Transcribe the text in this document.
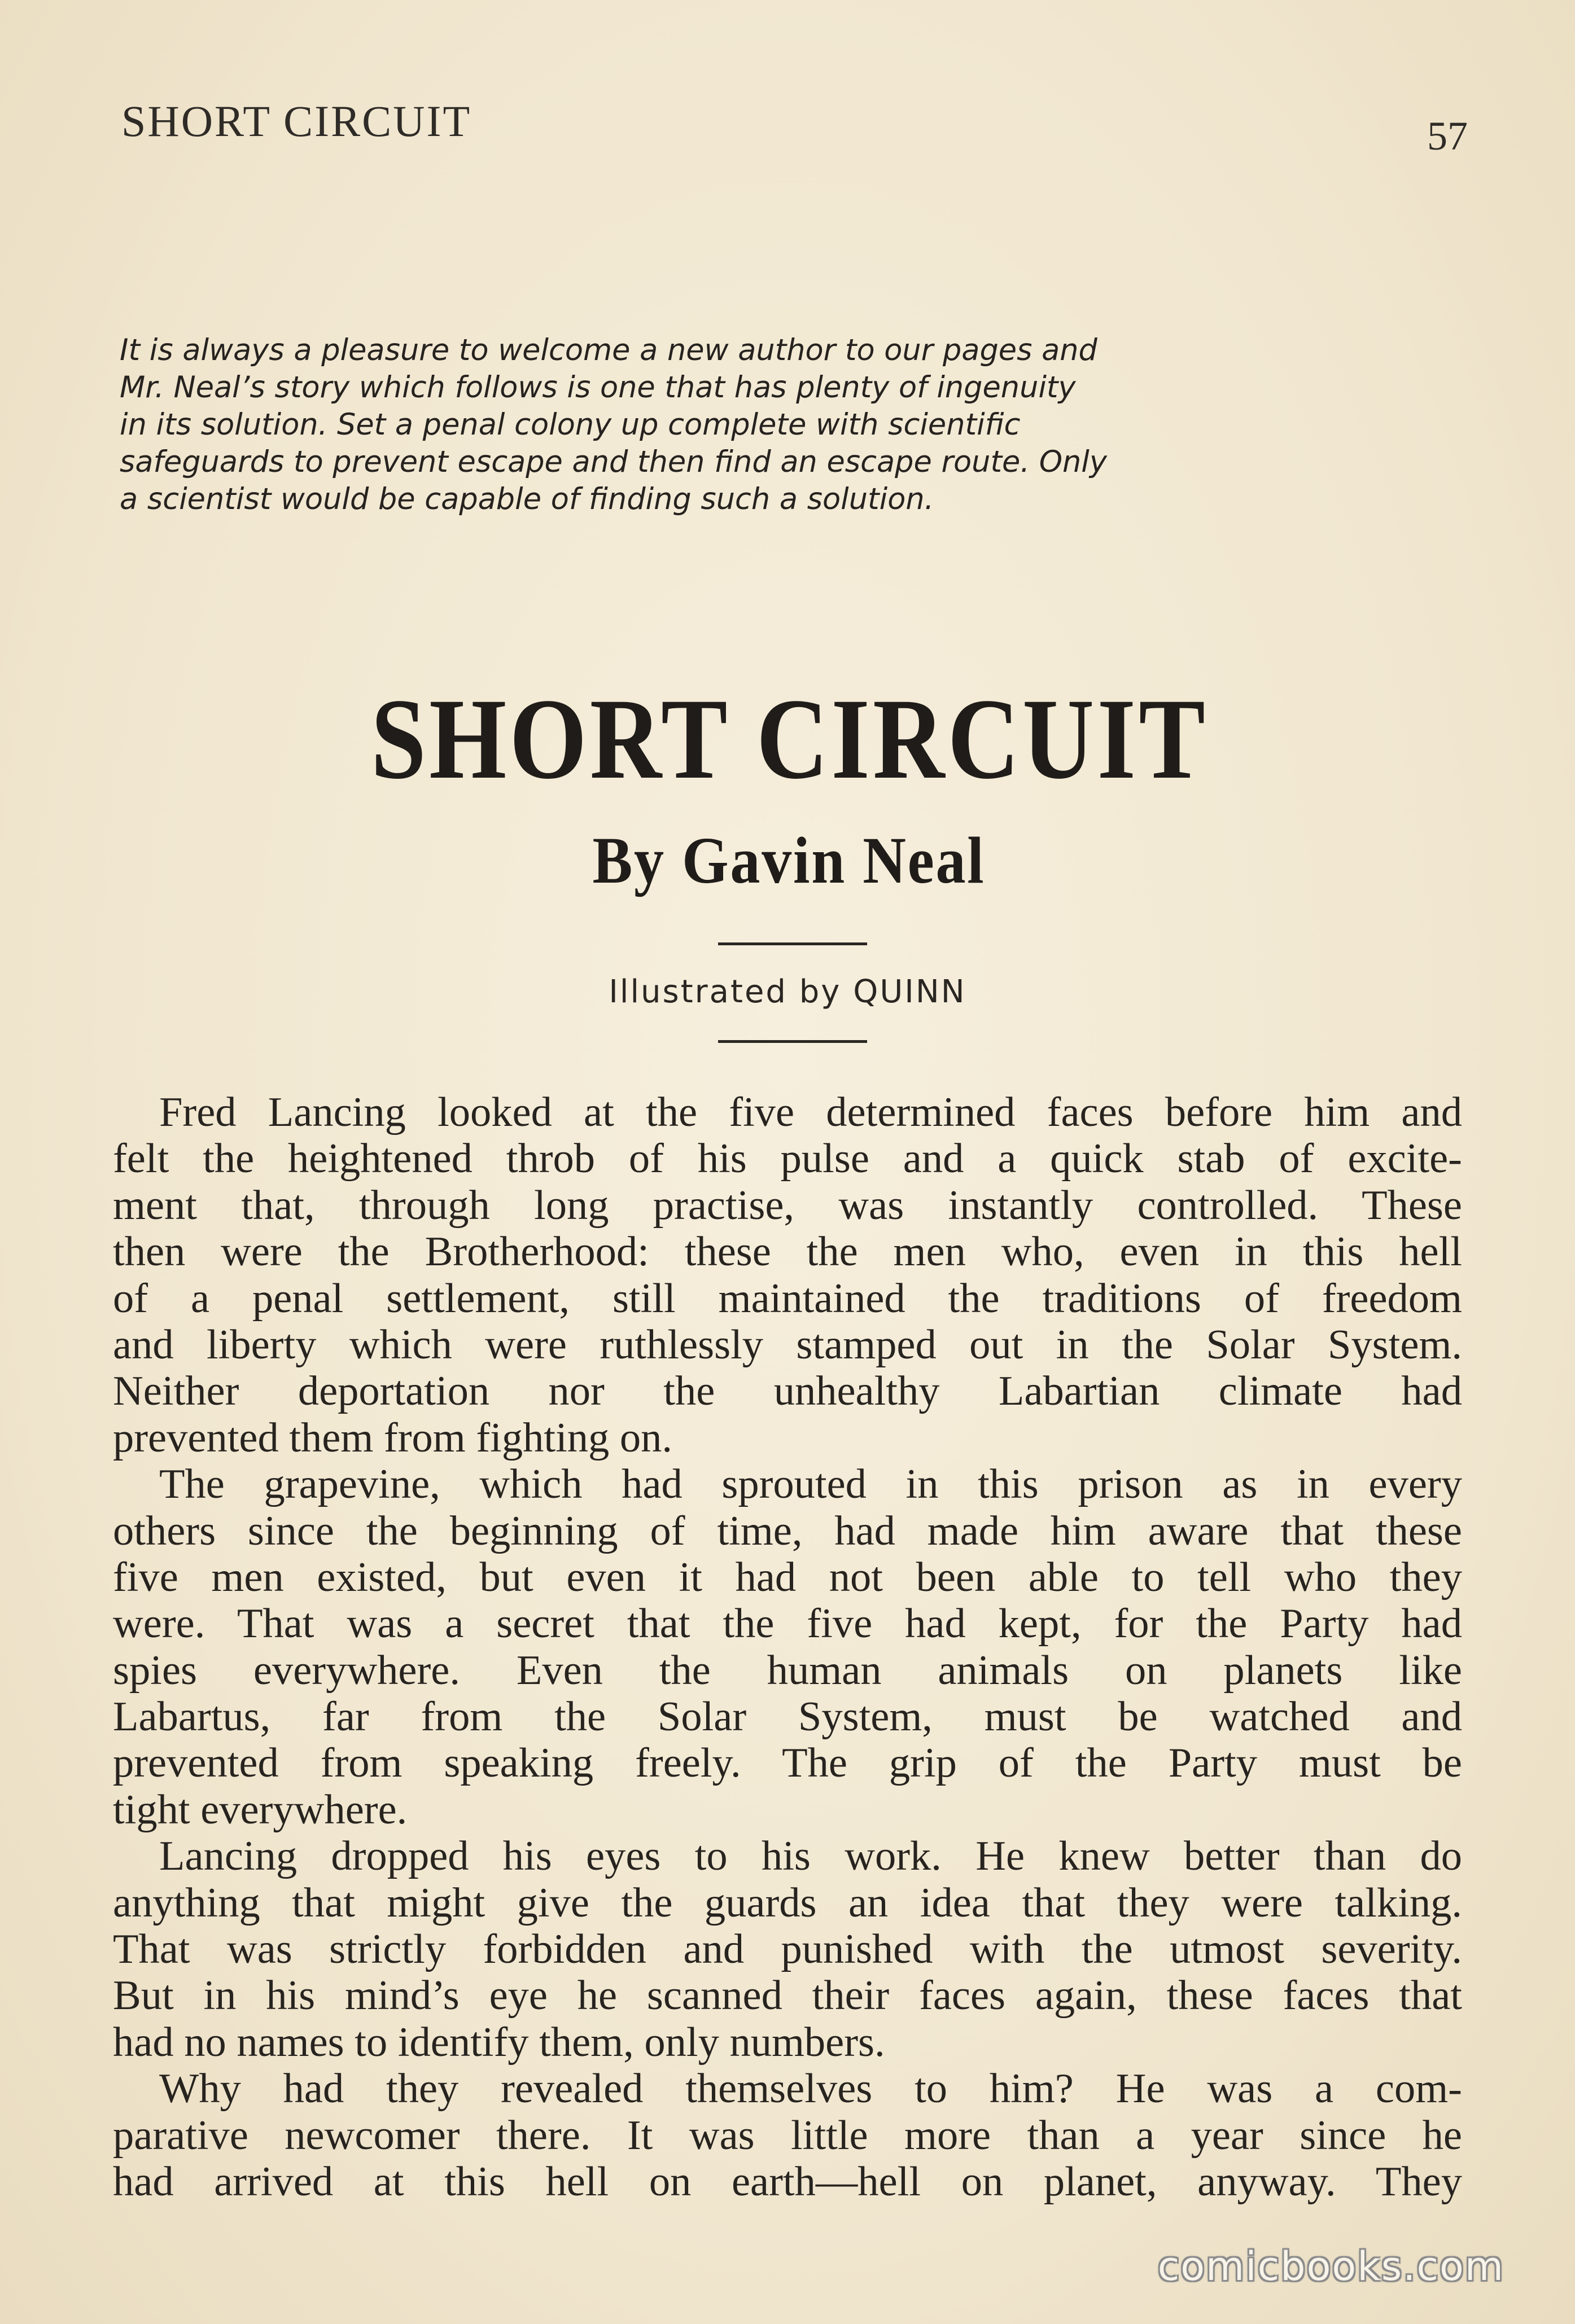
SHORT CIRCUIT	57
It is always a pleasure to welcome a new author to our pages and
Mr. Neal’s story which follows is one that has plenty of ingenuity
in its solution. Set a penal colony up complete with scientific
safeguards to prevent escape and then find an escape route. Only
a scientist would be capable of finding such a solution.
SHORT CIRCUIT
By Gavin Neal
Illustrated by QUINN
Fred Lancing looked at the five determined faces before him and
felt the heightened throb of his pulse and a quick stab of excite-
ment that, through long practise, was instantly controlled. These
then were the Brotherhood: these the men who, even in this hell
of a penal settlement, still maintained the traditions of freedom
and liberty which were ruthlessly stamped out in the Solar System.
Neither deportation nor the unhealthy Labartian climate had
prevented them from fighting on.
The grapevine, which had sprouted in this prison as in every
others since the beginning of time, had made him aware that these
five men existed, but even it had not been able to tell who they
were. That was a secret that the five had kept, for the Party had
spies everywhere. Even the human animals on planets like
Labartus, far from the Solar System, must be watched and
prevented from speaking freely. The grip of the Party must be
tight everywhere.
Lancing dropped his eyes to his work. He knew better than do
anything that might give the guards an idea that they were talking.
That was strictly forbidden and punished with the utmost severity.
But in his mind’s eye he scanned their faces again, these faces that
had no names to identify them, only numbers.
Why had they revealed themselves to him? He was a com-
parative newcomer there. It was little more than a year since he
had arrived at this hell on earth—hell on planet, anyway. They
comicbooks.com
